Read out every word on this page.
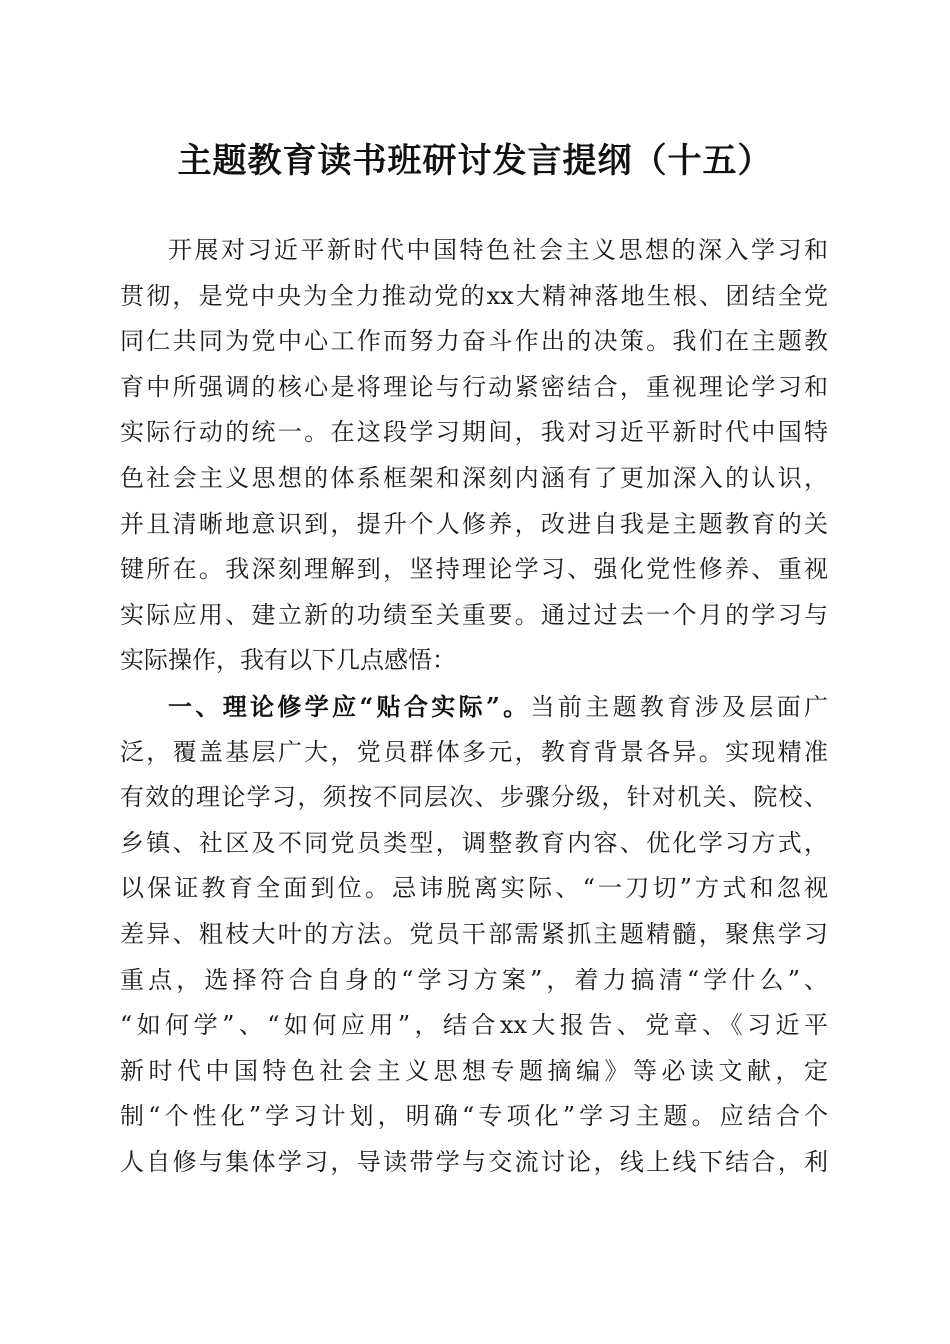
主题教育读书班研讨发言提纲（十五）
开展对习近平新时代中国特色社会主义思想的深入学习和
贯彻，是党中央为全力推动党的xx大精神落地生根、团结全党
同仁共同为党中心工作而努力奋斗作出的决策。我们在主题教
育中所强调的核心是将理论与行动紧密结合，重视理论学习和
实际行动的统一。在这段学习期间，我对习近平新时代中国特
色社会主义思想的体系框架和深刻内涵有了更加深入的认识，
并且清晰地意识到，提升个人修养，改进自我是主题教育的关
键所在。我深刻理解到，坚持理论学习、强化党性修养、重视
实际应用、建立新的功绩至关重要。通过过去一个月的学习与
实际操作，我有以下几点感悟：
一、理论修学应“贴合实际”。当前主题教育涉及层面广
泛，覆盖基层广大，党员群体多元，教育背景各异。实现精准
有效的理论学习，须按不同层次、步骤分级，针对机关、院校、
乡镇、社区及不同党员类型，调整教育内容、优化学习方式，
以保证教育全面到位。忌讳脱离实际、“一刀切”方式和忽视
差异、粗枝大叶的方法。党员干部需紧抓主题精髓，聚焦学习
重点，选择符合自身的“学习方案”，着力搞清“学什么”、
“如何学”、“如何应用”，结合xx大报告、党章、《习近平
新时代中国特色社会主义思想专题摘编》等必读文献，定
制“个性化”学习计划，明确“专项化”学习主题。应结合个
人自修与集体学习，导读带学与交流讨论，线上线下结合，利
